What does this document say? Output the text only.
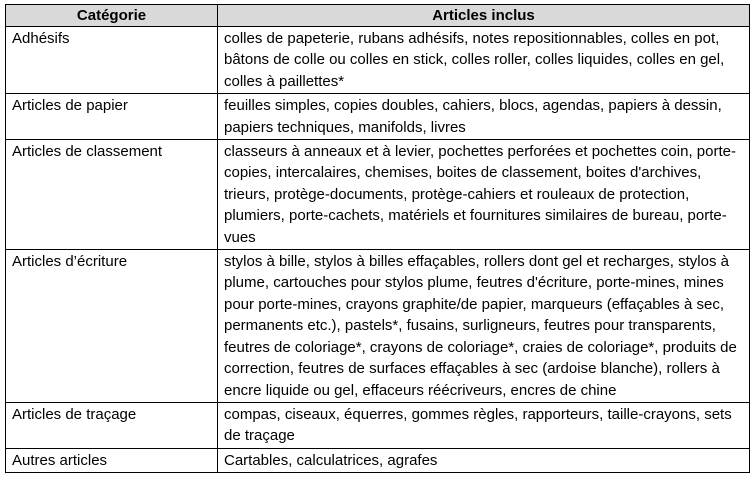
Catégorie	Articles inclus
Adhésifs	colles de papeterie, rubans adhésifs, notes repositionnables, colles en pot, bâtons de colle ou colles en stick, colles roller, colles liquides, colles en gel, colles à paillettes*
Articles de papier	feuilles simples, copies doubles, cahiers, blocs, agendas, papiers à dessin, papiers techniques, manifolds, livres
Articles de classement	classeurs à anneaux et à levier, pochettes perforées et pochettes coin, porte-copies, intercalaires, chemises, boites de classement, boites d'archives, trieurs, protège-documents, protège-cahiers et rouleaux de protection, plumiers, porte-cachets, matériels et fournitures similaires de bureau, porte-vues
Articles d’écriture	stylos à bille, stylos à billes effaçables, rollers dont gel et recharges, stylos à plume, cartouches pour stylos plume, feutres d'écriture, porte-mines, mines pour porte-mines, crayons graphite/de papier, marqueurs (effaçables à sec, permanents etc.), pastels*, fusains, surligneurs, feutres pour transparents, feutres de coloriage*, crayons de coloriage*, craies de coloriage*, produits de correction, feutres de surfaces effaçables à sec (ardoise blanche), rollers à encre liquide ou gel, effaceurs réécriveurs, encres de chine
Articles de traçage	compas, ciseaux, équerres, gommes règles, rapporteurs, taille-crayons, sets de traçage
Autres articles	Cartables, calculatrices, agrafes
